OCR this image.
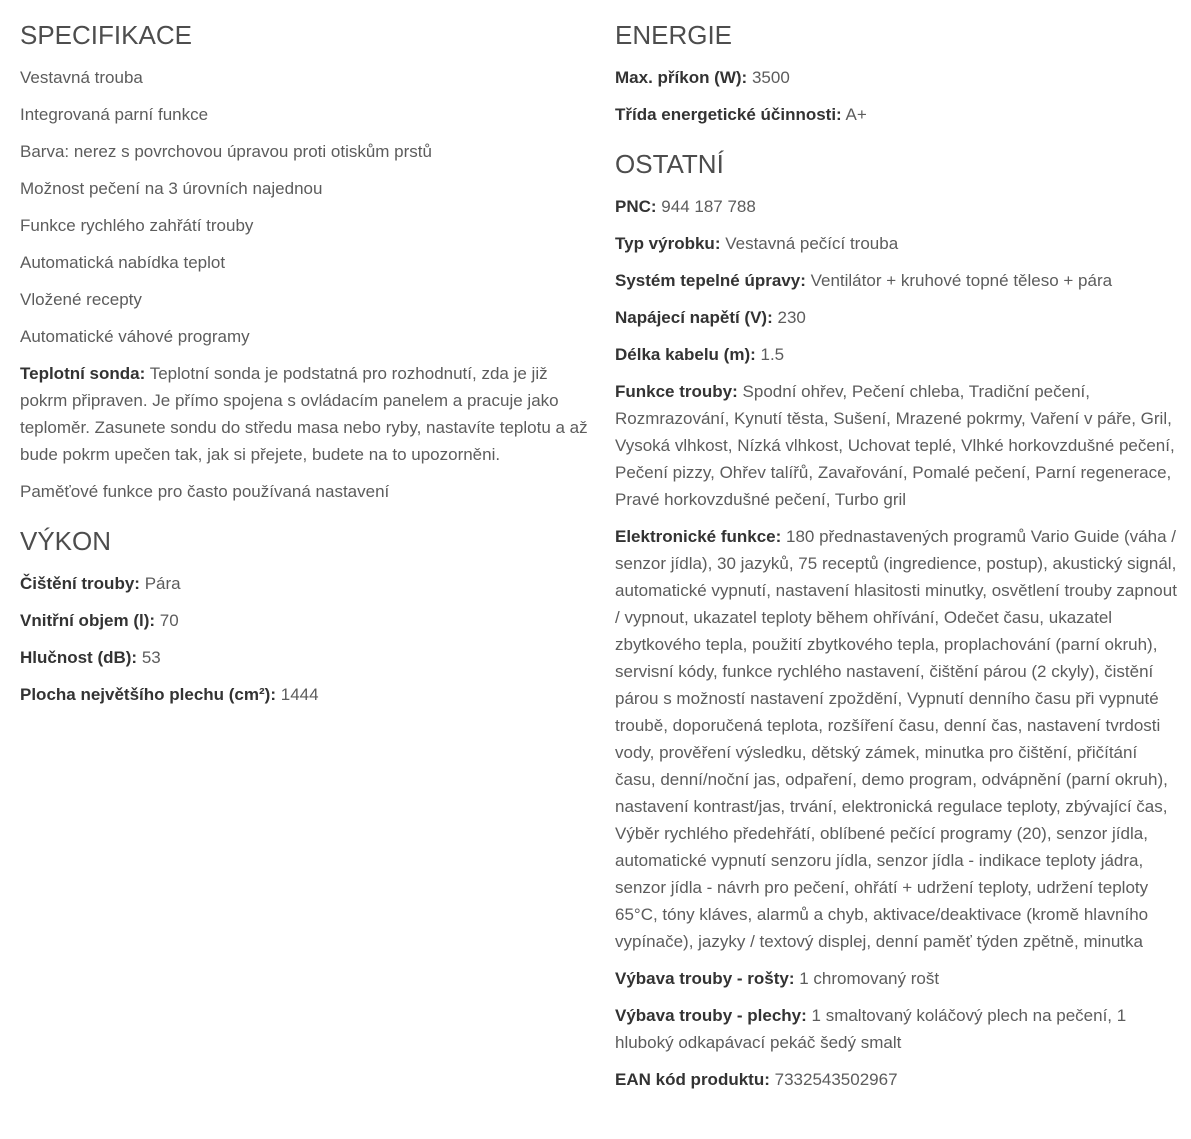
SPECIFIKACE

Vestavná trouba

Integrovaná parní funkce

Barva: nerez s povrchovou úpravou proti otiskům prstů

Možnost pečení na 3 úrovních najednou

Funkce rychlého zahřátí trouby

Automatická nabídka teplot

Vložené recepty

Automatické váhové programy

Teplotní sonda: Teplotní sonda je podstatná pro rozhodnutí, zda je již pokrm připraven. Je přímo spojena s ovládacím panelem a pracuje jako teploměr. Zasunete sondu do středu masa nebo ryby, nastavíte teplotu a až bude pokrm upečen tak, jak si přejete, budete na to upozorněni.

Paměťové funkce pro často používaná nastavení

VÝKON

Čištění trouby: Pára

Vnitřní objem (l): 70

Hlučnost (dB): 53

Plocha největšího plechu (cm²): 1444

ENERGIE

Max. příkon (W): 3500

Třída energetické účinnosti: A+

OSTATNÍ

PNC: 944 187 788

Typ výrobku: Vestavná pečící trouba

Systém tepelné úpravy: Ventilátor + kruhové topné těleso + pára

Napájecí napětí (V): 230

Délka kabelu (m): 1.5

Funkce trouby: Spodní ohřev, Pečení chleba, Tradiční pečení, Rozmrazování, Kynutí těsta, Sušení, Mrazené pokrmy, Vaření v páře, Gril, Vysoká vlhkost, Nízká vlhkost, Uchovat teplé, Vlhké horkovzdušné pečení, Pečení pizzy, Ohřev talířů, Zavařování, Pomalé pečení, Parní regenerace, Pravé horkovzdušné pečení, Turbo gril

Elektronické funkce: 180 přednastavených programů Vario Guide (váha / senzor jídla), 30 jazyků, 75 receptů (ingredience, postup), akustický signál, automatické vypnutí, nastavení hlasitosti minutky, osvětlení trouby zapnout / vypnout, ukazatel teploty během ohřívání, Odečet času, ukazatel zbytkového tepla, použití zbytkového tepla, proplachování (parní okruh), servisní kódy, funkce rychlého nastavení, čištění párou (2 ckyly), čistění párou s možností nastavení zpoždění, Vypnutí denního času při vypnuté troubě, doporučená teplota, rozšíření času, denní čas, nastavení tvrdosti vody, prověření výsledku, dětský zámek, minutka pro čištění, přičítání času, denní/noční jas, odpaření, demo program, odvápnění (parní okruh), nastavení kontrast/jas, trvání, elektronická regulace teploty, zbývající čas, Výběr rychlého předehřátí, oblíbené pečící programy (20), senzor jídla, automatické vypnutí senzoru jídla, senzor jídla - indikace teploty jádra, senzor jídla - návrh pro pečení, ohřátí + udržení teploty, udržení teploty 65°C, tóny kláves, alarmů a chyb, aktivace/deaktivace (kromě hlavního vypínače), jazyky / textový displej, denní paměť týden zpětně, minutka

Výbava trouby - rošty: 1 chromovaný rošt

Výbava trouby - plechy: 1 smaltovaný koláčový plech na pečení, 1 hluboký odkapávací pekáč šedý smalt

EAN kód produktu: 7332543502967
